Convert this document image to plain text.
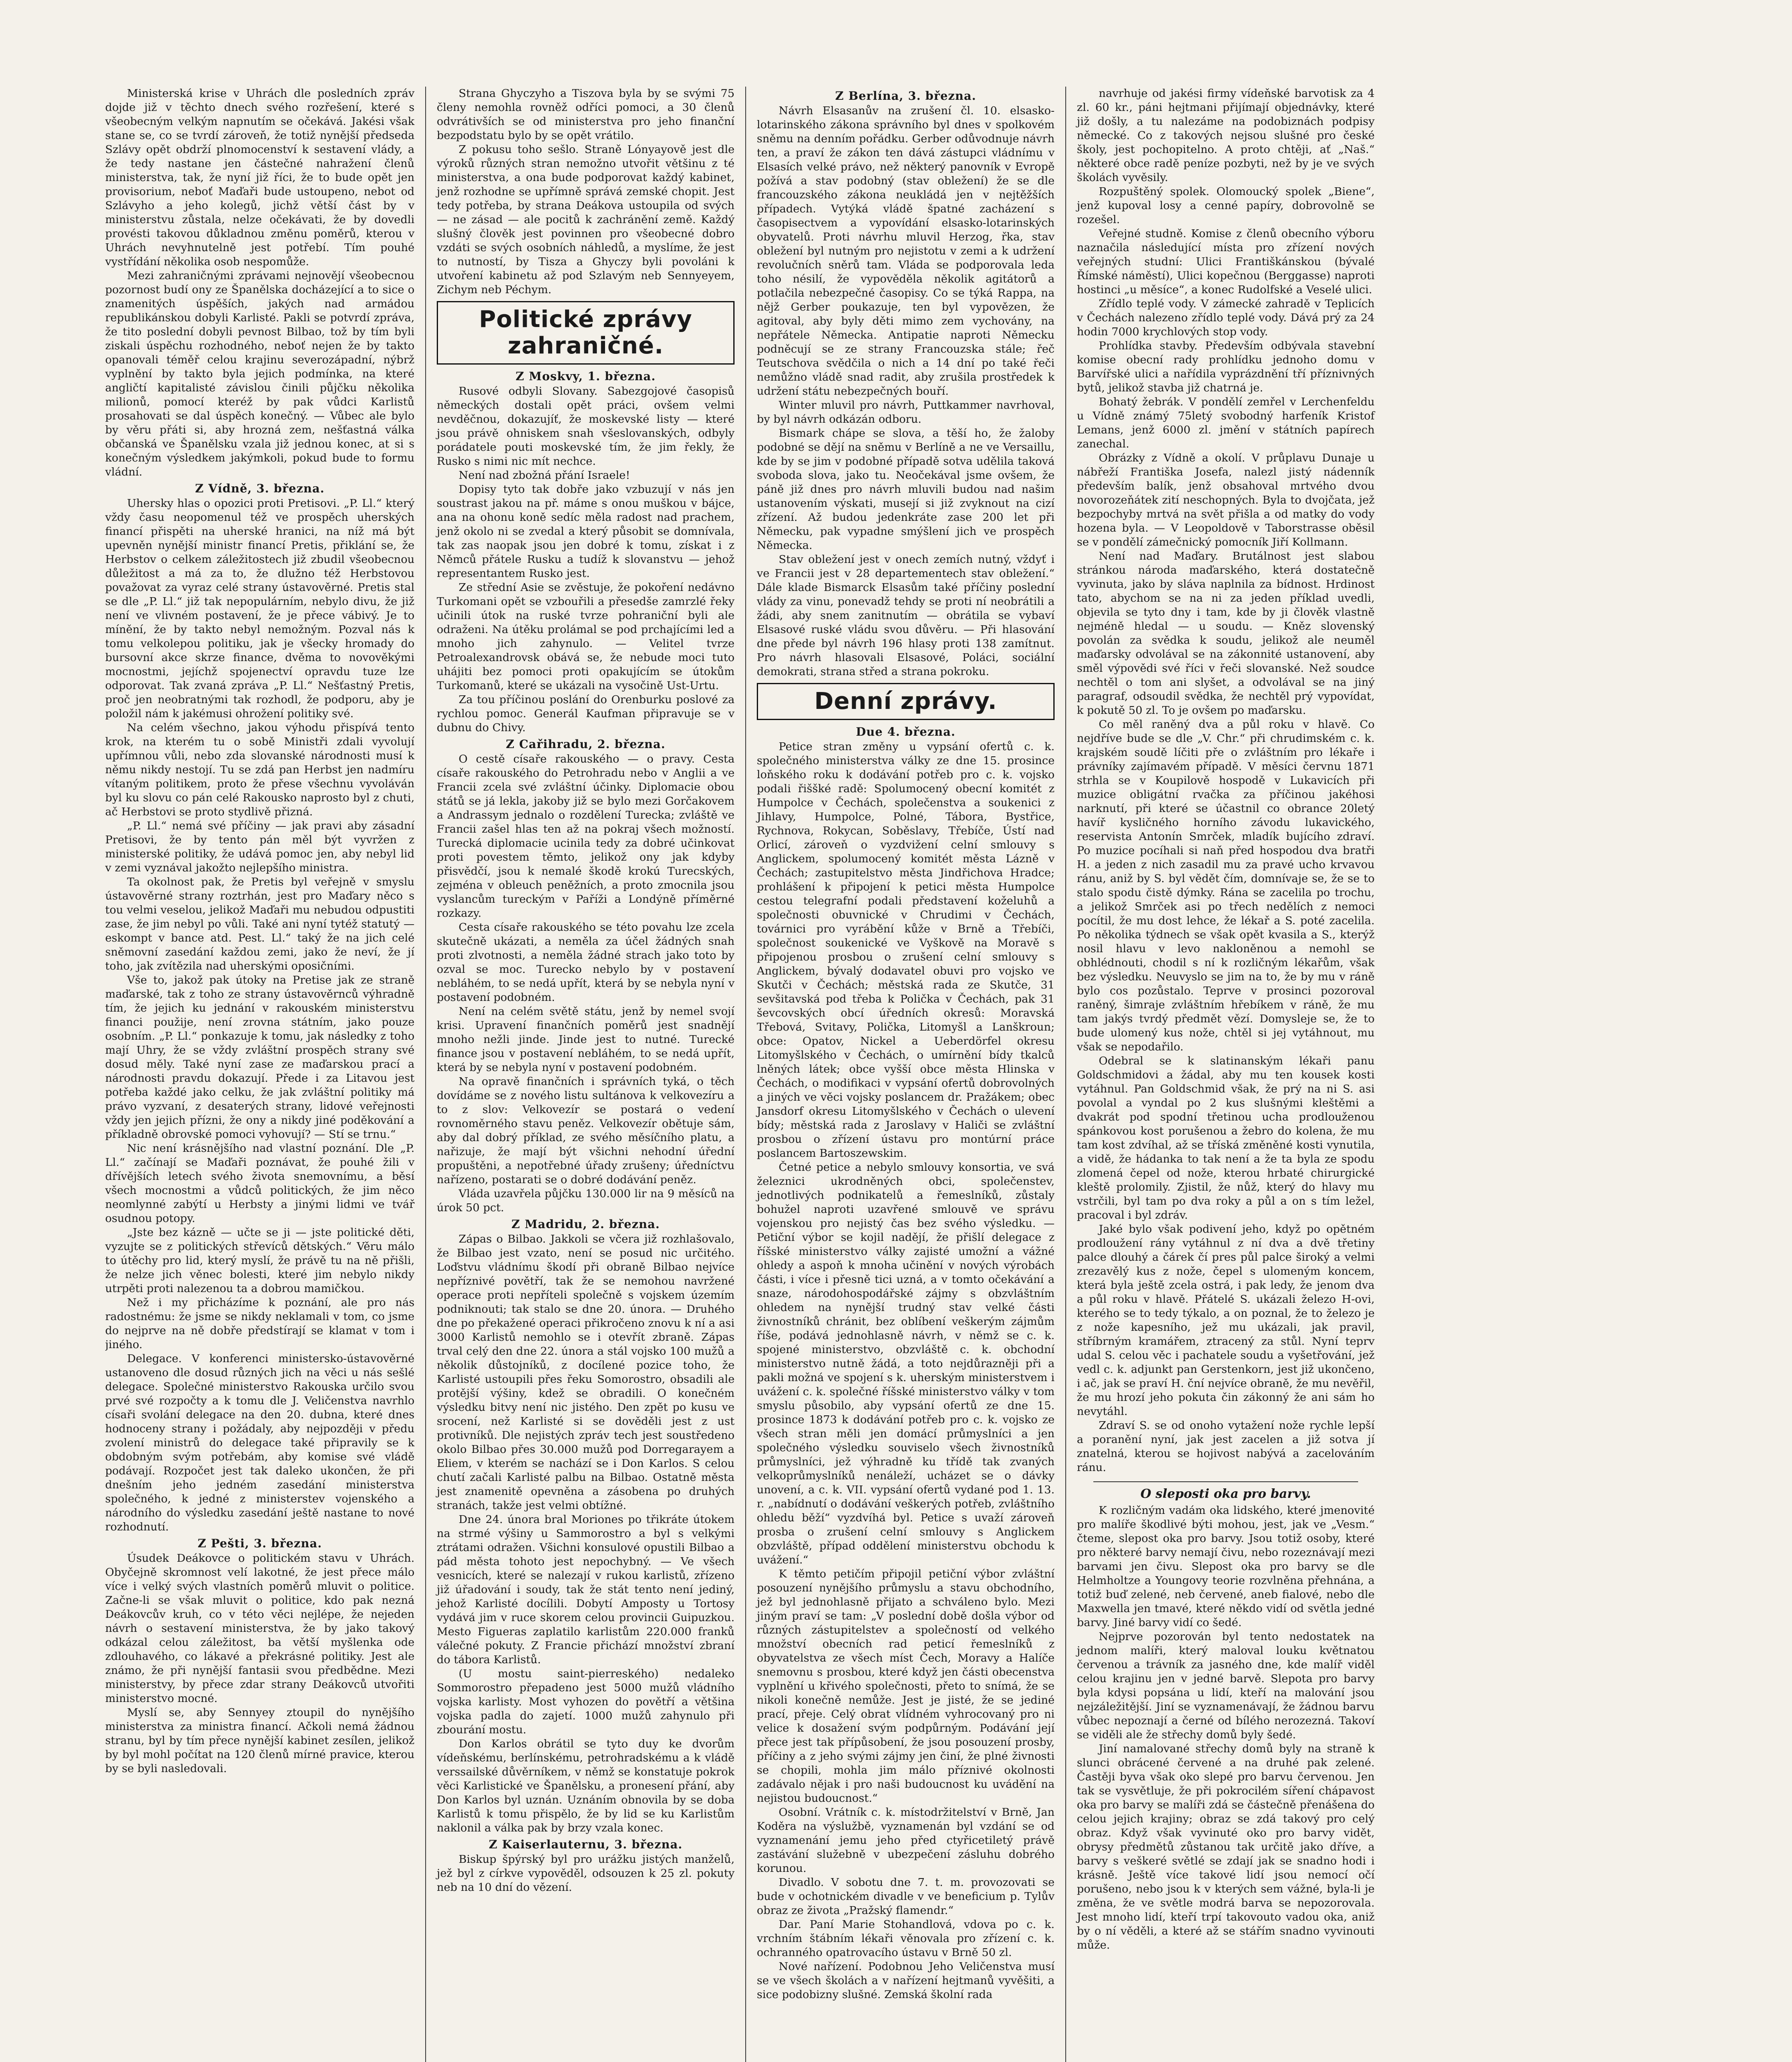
Ministerská krise v Uhrách dle posledních zpráv dojde již v těchto dnech svého rozřešení, které s všeobecným velkým napnutím se očekává. Jakési však stane se, co se tvrdí zároveň, že totiž nynější předseda Szlávy opět obdrží plnomocenství k sestavení vlády, a že tedy nastane jen částečné nahražení členů ministerstva, tak, že nyní již říci, že to bude opět jen provisorium, neboť Maďaři bude ustoupeno, nebot od Szlávyho a jeho kolegů, jichž větší část by v ministerstvu zůstala, nelze očekávati, že by dovedli provésti takovou důkladnou změnu poměrů, kterou v Uhrách nevyhnutelně jest potřebí. Tím pouhé vystřídání několika osob nespomůže.

Mezi zahraničnými zprávami nejnovějí všeobecnou pozornost budí ony ze Španělska docházející a to sice o znamenitých úspěších, jakých nad armádou republikánskou dobyli Karlisté. Pakli se potvrdí zpráva, že tito poslední dobyli pevnost Bilbao, tož by tím byli ziskali úspěchu rozhodného, neboť nejen že by takto opanovali téměř celou krajinu severozápadní, nýbrž vyplnění by takto byla jejich podmínka, na které angličtí kapitalisté závislou činili půjčku několika milionů, pomocí kteréž by pak vůdci Karlistů prosahovati se dal úspěch konečný. — Vůbec ale bylo by věru přáti si, aby hrozná zem, nešťastná válka občanská ve Španělsku vzala již jednou konec, at si s konečným výsledkem jakýmkoli, pokud bude to formu vládní.

Z Vídně, 3. března.

Uhersky hlas o opozici proti Pretisovi. „P. Ll.“ který vždy času neopomenul též ve prospěch uherských financí přispěti na uherské hranici, na níž má být upevněn nynější ministr financí Pretis, přiklání se, že Herbstov o celkem záležitostech již zbudil všeobecnou důležitost a má za to, že dlužno též Herbstovou považovat za vyraz celé strany ústavověrné. Pretis stal se dle „P. Ll.“ již tak nepopulárním, nebylo divu, že již není ve vlivném postavení, že je přece vábivý. Je to mínění, že by takto nebyl nemožným. Pozval nás k tomu velkolepou politiku, jak je všecky hromady do bursovní akce skrze finance, dvěma to novověkými mocnostmi, jejíchž spojenectví opravdu tuze lze odporovat. Tak zvaná zpráva „P. Ll.“ Nešťastný Pretis, proč jen neobratnými tak rozhodl, že podporu, aby je položil nám k jakémusi ohrožení politiky své.

Na celém všechno, jakou výhodu přispívá tento krok, na kterém tu o sobě Ministři zdali vyvolují upřímnou vůli, nebo zda slovanské národnosti musí k němu nikdy nestojí. Tu se zdá pan Herbst jen nadmíru vítaným politikem, proto že přese všechnu vyvoláván byl ku slovu co pán celé Rakousko naprosto byl z chuti, ač Herbstovi se proto stydlivě přizná.

„P. Ll.“ nemá své příčiny — jak pravi aby zásadní Pretisovi, že by tento pán měl být vyvržen z ministerské politiky, že udává pomoc jen, aby nebyl lid v zemi vyznával jakožto nejlepšího ministra.

Ta okolnost pak, že Pretis byl veřejně v smyslu ústavověrné strany roztrhán, jest pro Maďary něco s tou velmi veselou, jelikož Maďaři mu nebudou odpustiti zase, že jim nebyl po vůli. Také ani nyní tytéž statutý — eskompt v bance atd. Pest. Ll.“ taký že na jich celé sněmovní zasedání každou zemi, jako že neví, že jí toho, jak zvítězila nad uherskými oposičními.

Vše to, jakož pak útoky na Pretise jak ze straně maďarské, tak z toho ze strany ústavověrnců výhradně tím, že jejich ku jednání v rakouském ministerstvu financi použije, není zrovna státním, jako pouze osobním. „P. Ll.“ ponkazuje k tomu, jak následky z toho mají Uhry, že se vždy zvláštní prospěch strany své dosud měly. Také nyní zase ze maďarskou prací a národnosti pravdu dokazují. Přede i za Litavou jest potřeba každé jako celku, že jak zvláštní politiky má právo vyzvaní, z desaterých strany, lidové veřejnosti vždy jen jejich přízni, že ony a nikdy jiné poděkování a příkladně obrovské pomoci vyhovují? — Stí se trnu.“

Nic není krásnějšího nad vlastní poznání. Dle „P. Ll.“ začínají se Maďaři poznávat, že pouhé žili v dřívějších letech svého života snemovnímu, a běsí všech mocnostmi a vůdců politických, že jim něco neomlynné zabýtí u Herbsty a jinými lidmi ve tvář osudnou potopy.

„Jste bez kázně — učte se ji — jste politické děti, vyzujte se z politických střevíců dětských.“ Věru málo to útěchy pro lid, který myslí, že právě tu na ně přišli, že nelze jich věnec bolesti, které jim nebylo nikdy utrpěti proti nalezenou ta a dobrou mamičkou.

Než i my přicházíme k poznání, ale pro nás radostnému: že jsme se nikdy neklamali v tom, co jsme do nejprve na ně dobře předstírají se klamat v tom i jiného.

Delegace. V konferenci ministersko-ústavověrné ustanoveno dle dosud různých jich na věci u nás sešlé delegace. Společné ministerstvo Rakouska určilo svou prvé své rozpočty a k tomu dle J. Veličenstva navrhlo císaři svolání delegace na den 20. dubna, které dnes hodnoceny strany i požádaly, aby nejpozději v předu zvolení ministrů do delegace také připravily se k obdobným svým potřebám, aby komise své vládě podávají. Rozpočet jest tak daleko ukončen, že při dnešním jeho jedném zasedání ministerstva společného, k jedné z ministerstev vojenského a národního do výsledku zasedání ještě nastane to nové rozhodnutí.

Z Pešti, 3. března.

Úsudek Deákovce o politickém stavu v Uhrách. Obyčejně skromnost velí lakotné, že jest přece málo více i velký svých vlastních poměrů mluvit o politice. Začne-li se však mluvit o politice, kdo pak nezná Deákovcův kruh, co v této věci nejlépe, že nejeden návrh o sestavení ministerstva, že by jako takový odkázal celou záležitost, ba větší myšlenka ode zdlouhavého, co lákavé a překrásné politiky. Jest ale známo, že při nynější fantasii svou předbědne. Mezi ministerstvy, by přece zdar strany Deákovců utvořiti ministerstvo mocné.

Myslí se, aby Sennyey ztoupil do nynějšího ministerstva za ministra financí. Ačkoli nemá žádnou stranu, byl by tím přece nynější kabinet zesílen, jelikož by byl mohl počítat na 120 členů mírné pravice, kterou by se byli nasledovali.

Strana Ghyczyho a Tiszova byla by se svými 75 členy nemohla rovněž odříci pomoci, a 30 členů odvrátivších se od ministerstva pro jeho finanční bezpodstatu bylo by se opět vrátilo.

Z pokusu toho sešlo. Straně Lónyayově jest dle výroků různých stran nemožno utvořit většinu z té ministerstva, a ona bude podporovat každý kabinet, jenž rozhodne se upřímně správá zemské chopit. Jest tedy potřeba, by strana Deákova ustoupila od svých — ne zásad — ale pocitů k zachránění země. Každý slušný člověk jest povinnen pro všeobecné dobro vzdáti se svých osobních náhledů, a myslíme, že jest to nutností, by Tisza a Ghyczy byli povoláni k utvoření kabinetu až pod Szlavým neb Sennyeyem, Zichym neb Péchym.

Politické zprávy zahraničné.

Z Moskvy, 1. března.

Rusové odbyli Slovany. Sabezgojové časopisů německých dostali opět práci, ovšem velmi nevděčnou, dokazujíť, že moskevské listy — které jsou právě ohniskem snah všeslovanských, odbyly porádatele pouti moskevské tím, že jim řekly, že Rusko s nimi nic mít nechce.

Není nad zbožná přání Israele!

Dopisy tyto tak dobře jako vzbuzují v nás jen soustrast jakou na př. máme s onou muškou v bájce, ana na ohonu koně sedíc měla radost nad prachem, jenž okolo ni se zvedal a který působit se domnívala, tak zas naopak jsou jen dobré k tomu, získat i z Němců přátele Rusku a tudíž k slovanstvu — jehož representantem Rusko jest.

Ze střední Asie se zvěstuje, že pokoření nedávno Turkomani opět se vzbouřili a přesedše zamrzlé řeky učinili útok na ruské tvrze pohraniční byli ale odraženi. Na útěku prolámal se pod prchajícími led a mnoho jich zahynulo. — Velitel tvrze Petroalexandrovsk obává se, že nebude moci tuto uhájiti bez pomoci proti opakujícím se útokům Turkomanů, které se ukázali na vysočině Ust-Urtu.

Za tou příčinou poslání do Orenburku poslové za rychlou pomoc. Generál Kaufman připravuje se v dubnu do Chivy.

Z Cařihradu, 2. března.

O cestě císaře rakouského — o pravy. Cesta císaře rakouského do Petrohradu nebo v Anglii a ve Francii zcela své zvláštní účinky. Diplomacie obou států se já lekla, jakoby již se bylo mezi Gorčakovem a Andrassym jednalo o rozdělení Turecka; zvláště ve Francii zašel hlas ten až na pokraj všech možností. Turecká diplomacie ucinila tedy za dobré učinkovat proti povestem těmto, jelikož ony jak kdyby přisvědčí, jsou k nemalé škodě krokú Turecských, zejména v obleuch peněžních, a proto zmocnila jsou vyslancům tureckým v Paříži a Londýně příměrné rozkazy.

Cesta císaře rakouského se této povahu lze zcela skutečně ukázati, a neměla za účel žádných snah proti zlvotnosti, a neměla žádné strach jako toto by ozval se moc. Turecko nebylo by v postavení nebláhém, to se nedá upřít, která by se nebyla nyní v postavení podobném.

Není na celém světě státu, jenž by nemel svojí krisi. Upravení finančních poměrů jest snadnějí mnoho nežli jinde. Jinde jest to nutné. Turecké finance jsou v postavení nebláhém, to se nedá upřít, která by se nebyla nyní v postavení podobném.

Na opravě finančních i správních tyká, o těch dovídáme se z nového listu sultánova k velkovezíru a to z slov: Velkovezír se postará o vedení rovnoměrného stavu peněz. Velkovezír obětuje sám, aby dal dobrý příklad, ze svého měsíčního platu, a nařizuje, že mají být všichni nehodní úřední propuštěni, a nepotřebné úřady zrušeny; úředníctvu nařízeno, postarati se o dobré dodávání peněz.

Vláda uzavřela půjčku 130.000 lir na 9 měsíců na úrok 50 pct.

Z Madridu, 2. března.

Zápas o Bilbao. Jakkoli se včera již rozhlašovalo, že Bilbao jest vzato, není se posud nic určitého. Loďstvu vládnímu škodí při obraně Bilbao nejvíce nepříznivé povětří, tak že se nemohou navržené operace proti nepříteli společně s vojskem územím podniknouti; tak stalo se dne 20. února. — Druhého dne po překažené operaci přikročeno znovu k ní a asi 3000 Karlistů nemohlo se i otevřít zbraně. Zápas trval celý den dne 22. února a stál vojsko 100 mužů a několik důstojníků, z docílené pozice toho, že Karlisté ustoupili přes řeku Somorostro, obsadili ale protější výšiny, kdež se obradili. O konečném výsledku bitvy není nic jistého. Den zpět po kusu ve srocení, než Karlisté si se dověděli jest z ust protivníků. Dle nejistých zpráv tech jest soustředeno okolo Bilbao přes 30.000 mužů pod Dorregarayem a Eliem, v kterém se nachází se i Don Karlos. S celou chutí začali Karlisté palbu na Bilbao. Ostatně města jest znamenitě opevněna a zásobena po druhých stranách, takže jest velmi obtížné.

Dne 24. února bral Moriones po třikráte útokem na strmé výšiny u Sammorostro a byl s velkými ztrátami odražen. Všichni konsulové opustili Bilbao a pád města tohoto jest nepochybný. — Ve všech vesnicích, které se nalezají v rukou karlistů, zřízeno již úřadování i soudy, tak že stát tento není jediný, jehož Karlisté docílili. Dobytí Amposty u Tortosy vydává jim v ruce skorem celou provincii Guipuzkou. Mesto Figueras zaplatilo karlistům 220.000 franků válečné pokuty. Z Francie přichází množství zbraní do tábora Karlistů.

(U mostu saint-pierreského) nedaleko Sommorostro přepadeno jest 5000 mužů vládního vojska karlisty. Most vyhozen do povětří a většina vojska padla do zajetí. 1000 mužů zahynulo při zbourání mostu.

Don Karlos obrátil se tyto duy ke dvorům vídeňskému, berlínskému, petrohradskému a k vládě verssailské důvěrníkem, v němž se konstatuje pokrok věci Karlistické ve Španělsku, a pronesení přání, aby Don Karlos byl uznán. Uznáním obnovila by se doba Karlistů k tomu přispělo, že by lid se ku Karlistům naklonil a válka pak by brzy vzala konec.

Z Kaiserlauternu, 3. března.

Biskup špýrský byl pro urážku jistých manželů, jež byl z církve vypověděl, odsouzen k 25 zl. pokuty neb na 10 dní do vězení.

Z Berlína, 3. března.

Návrh Elsasanův na zrušení čl. 10. elsasko-lotarinského zákona správního byl dnes v spolkovém sněmu na denním pořádku. Gerber odůvodnuje návrh ten, a praví že zákon ten dává zástupci vládnímu v Elsasích velké právo, než některý panovník v Evropě požívá a stav podobný (stav obležení) že se dle francouzského zákona neukládá jen v nejtěžších případech. Vytýká vládě špatné zacházení s časopisectvem a vypovídání elsasko-lotarinských obyvatelů. Proti návrhu mluvil Herzog, řka, stav obležení byl nutným pro nejistotu v zemi a k udržení revolučních sněrů tam. Vláda se podporovala leda toho nésilí, že vypověděla několik agitátorů a potlačila nebezpečné časopisy. Co se týká Rappa, na nějž Gerber poukazuje, ten byl vypovězen, že agitoval, aby byly děti mimo zem vychovány, na nepřátele Německa. Antipatie naproti Německu podněcují se ze strany Francouzska stále; řeč Teutschova svědčila o nich a 14 dní po také řeči nemůžno vládě snad radit, aby zrušila prostředek k udržení státu nebezpečných bouří.

Winter mluvil pro návrh, Puttkammer navrhoval, by byl návrh odkázán odboru.

Bismark chápe se slova, a těší ho, že žaloby podobné se dějí na sněmu v Berlíně a ne ve Versaillu, kde by se jim v podobné případě sotva udělila taková svoboda slova, jako tu. Neočekával jsme ovšem, že páně již dnes pro návrh mluvili budou nad našim ustanovením výskati, musejí si již zvyknout na cizí zřízení. Až budou jedenkráte zase 200 let při Německu, pak vypadne smýšlení jich ve prospěch Německa.

Stav obležení jest v onech zemích nutný, vždyť i ve Francii jest v 28 departementech stav obležení.“ Dále klade Bismarck Elsasům také příčiny poslední vlády za vinu, ponevadž tehdy se proti ní neobrátili a žádi, aby snem zanitnutím — obrátila se vybaví Elsasové ruské vládu svou důvěru. — Při hlasování dne přede byl návrh 196 hlasy proti 138 zamítnut. Pro návrh hlasovali Elsasové, Poláci, sociální demokrati, strana střed a strana pokroku.

Denní zprávy.

Due 4. března.

Petice stran změny u vypsání ofertů c. k. společného ministerstva války ze dne 15. prosince loňského roku k dodávání potřeb pro c. k. vojsko podali řiššké radě: Spolumocený obecní komitét z Humpolce v Čechách, společenstva a soukenici z Jihlavy, Humpolce, Polné, Tábora, Bystřice, Rychnova, Rokycan, Soběslavy, Třebíče, Ústí nad Orlicí, zároveň o vyzdvižení celní smlouvy s Anglickem, spolumocený komitét města Lázně v Čechách; zastupitelstvo města Jindřichova Hradce; prohlášení k připojení k petici města Humpolce cestou telegrafní podali představení koželuhů a společnosti obuvnické v Chrudimi v Čechách, továrnici pro vyrábění kůže v Brně a Třebíči, společnost soukenické ve Vyškově na Moravě s připojenou prosbou o zrušení celní smlouvy s Anglickem, bývalý dodavatel obuvi pro vojsko ve Skutči v Čechách; městská rada ze Skutče, 31 sevšitavská pod třeba k Polička v Čechách, pak 31 ševcovských obcí úředních okresů: Moravská Třebová, Svitavy, Polička, Litomyšl a Lanškroun; obce: Opatov, Nickel a Ueberdörfel okresu Litomyšlského v Čechách, o umírnění bídy tkalců lněných látek; obce vyšší obce města Hlinska v Čechách, o modifikaci v vypsání ofertů dobrovolných a jiných ve věci vojsky poslancem dr. Pražákem; obec Jansdorf okresu Litomyšlského v Čechách o ulevení bídy; městská rada z Jaroslavy v Haliči se zvláštní prosbou o zřízení ústavu pro montúrní práce poslancem Bartoszewskim.

Četné petice a nebylo smlouvy konsortia, ve svá železnici ukrodněných obci, společenstev, jednotlivých podnikatelů a řemeslníků, zůstaly bohužel naproti uzavřené smlouvě ve správu vojenskou pro nejistý čas bez svého výsledku. — Petiční výbor se kojil nadějí, že přišlí delegace z říšské ministerstvo války zajisté umožní a vážné ohledy a aspoň k mnoha učinění v nových výrobách části, i více i přesně tici uzná, a v tomto očekávání a snaze, národohospodářské zájmy s obzvláštním ohledem na nynější trudný stav velké části živnostníků chránit, bez oblíbení veškerým zájmům říše, podává jednohlasně návrh, v němž se c. k. spojené ministerstvo, obzvláště c. k. obchodní ministerstvo nutně žádá, a toto nejdůrazněji při a pakli možná ve spojení s k. uherským ministerstvem i uvážení c. k. společné říšské ministerstvo války v tom smyslu působilo, aby vypsání ofertů ze dne 15. prosince 1873 k dodávání potřeb pro c. k. vojsko ze všech stran měli jen domácí průmyslníci a jen společného výsledku souviselo všech živnostníků průmyslníci, jež výhradně ku třídě tak zvaných velkoprůmyslníků nenáleží, ucházet se o dávky unovení, a c. k. VII. vypsání ofertů vydané pod 1. 13. r. „nabídnutí o dodávání veškerých potřeb, zvláštního ohledu běží“ vyzdvíhá byl. Petice s uvaží zároveň prosba o zrušení celní smlouvy s Anglickem obzvláště, případ oddělení ministerstvu obchodu k uvážení.“

K těmto petičím připojil petiční výbor zvláštní posouzení nynějšího průmyslu a stavu obchodního, jež byl jednohlasně přijato a schváleno bylo. Mezi jiným praví se tam: „V poslední době došla výbor od různých zástupitelstev a společností od velkého množství obecních rad peticí řemeslníků z obyvatelstva ze všech míst Čech, Moravy a Halíče snemovnu s prosbou, které když jen části obecenstva vyplnění u křivého společnosti, přeto to snímá, že se nikoli konečně nemůže. Jest je jisté, že se jediné prací, přeje. Celý obrat vlídném vyhrocovaný pro ni velice k dosažení svým podpůrným. Podávání její přece jest tak přípůsobení, že jsou posouzení prosby, příčiny a z jeho svými zájmy jen činí, že plné živnosti se chopili, mohla jim málo příznivé okolnosti zadávalo nějak i pro naši budoucnost ku uvádění na nejistou budoucnost.“

Osobní. Vrátník c. k. místodržitelství v Brně, Jan Koděra na výslužbě, vyznamenán byl vzdání se od vyznamenání jemu jeho před ctyřicetiletý právě zastávání služebně v ubezpečení zásluhu dobrého korunou.

Divadlo. V sobotu dne 7. t. m. provozovati se bude v ochotnickém divadle v ve beneficium p. Tylův obraz ze života „Pražský flamendr.“

Dar. Paní Marie Stohandlová, vdova po c. k. vrchním štábním lékaři věnovala pro zřízení c. k. ochranného opatrovacího ústavu v Brně 50 zl.

Nové nařízení. Podobnou Jeho Veličenstva musí se ve všech školách a v nařízení hejtmanů vyvěšiti, a sice podobizny slušné. Zemská školní rada

navrhuje od jakési firmy vídeňské barvotisk za 4 zl. 60 kr., páni hejtmani přijímají objednávky, které již došly, a tu nalezáme na podobiznách podpisy německé. Co z takových nejsou slušné pro české školy, jest pochopitelno. A proto chtěji, ať „Naš.“ některé obce radě peníze pozbyti, než by je ve svých školách vyvěsily.

Rozpuštěný spolek. Olomoucký spolek „Biene“, jenž kupoval losy a cenné papíry, dobrovolně se rozešel.

Veřejné studně. Komise z členů obecního výboru naznačila následující místa pro zřízení nových veřejných studní: Ulici Františkánskou (bývalé Římské náměstí), Ulici kopečnou (Berggasse) naproti hostinci „u měsíce“, a konec Rudolfské a Veselé ulici.

Zřídlo teplé vody. V zámecké zahradě v Teplicích v Čechách nalezeno zřídlo teplé vody. Dává prý za 24 hodin 7000 krychlových stop vody.

Prohlídka stavby. Především odbývala stavební komise obecní rady prohlídku jednoho domu v Barvířské ulici a nařídila vyprázdnění tří příznivných bytů, jelikož stavba již chatrná je.

Bohatý žebrák. V pondělí zemřel v Lerchenfeldu u Vídně známý 75letý svobodný harfeník Kristof Lemans, jenž 6000 zl. jmění v státních papírech zanechal.

Obrázky z Vídně a okolí. V průplavu Dunaje u nábřeží Františka Josefa, nalezl jistý nádenník především balík, jenž obsahoval mrtvého dvou novorozeňátek zití neschopných. Byla to dvojčata, jež bezpochyby mrtvá na svět přišla a od matky do vody hozena byla. — V Leopoldově v Taborstrasse oběsil se v pondělí zámečnický pomocník Jiří Kollmann.

Není nad Maďary. Brutálnost jest slabou stránkou národa maďarského, která dostatečně vyvinuta, jako by sláva naplnila za bídnost. Hrdinost tato, abychom se na ni za jeden příklad uvedli, objevila se tyto dny i tam, kde by ji člověk vlastně nejméně hledal — u soudu. — Kněz slovenský povolán za svědka k soudu, jelikož ale neuměl maďarsky odvolával se na zákonnité ustanovení, aby směl výpovědi své říci v řeči slovanské. Než soudce nechtěl o tom ani slyšet, a odvolával se na jiný paragraf, odsoudil svědka, že nechtěl prý vypovídat, k pokutě 50 zl. To je ovšem po maďarsku.

Co měl raněný dva a půl roku v hlavě. Co nejdříve bude se dle „V. Chr.“ při chrudimském c. k. krajském soudě líčiti pře o zvláštním pro lékaře i právníky zajímavém případě. V měsíci červnu 1871 strhla se v Koupilově hospodě v Lukavicích při muzice obligátní rvačka za příčinou jakéhosi narknutí, při které se účastnil co obrance 20letý havíř kysličného horního závodu lukavického, reservista Antonín Smrček, mladík bujícího zdraví. Po muzice pocíhali si naň před hospodou dva bratři H. a jeden z nich zasadil mu za pravé ucho krvavou ránu, aniž by S. byl vědět čím, domnívaje se, že se to stalo spodu čistě dýmky. Rána se zacelila po trochu, a jelikož Smrček asi po třech nedělích z nemoci pocítil, že mu dost lehce, že lékař a S. poté zacelila. Po několika týdnech se však opět kvasila a S., kterýž nosil hlavu v levo nakloněnou a nemohl se obhlédnouti, chodil s ní k rozličným lékařům, však bez výsledku. Neuvyslo se jim na to, že by mu v ráně bylo cos pozůstalo. Teprve v prosinci pozoroval raněný, šimraje zvláštním hřebíkem v ráně, že mu tam jakýs tvrdý předmět vězí. Domysleje se, že to bude ulomený kus nože, chtěl si jej vytáhnout, mu však se nepodařilo.

Odebral se k slatinanským lékaři panu Goldschmidovi a žádal, aby mu ten kousek kosti vytáhnul. Pan Goldschmid však, že prý na ni S. asi povolal a vyndal po 2 kus slušnými kleštěmi a dvakrát pod spodní třetinou ucha prodlouženou spánkovou kost porušenou a žebro do kolena, že mu tam kost zdvíhal, až se tříská změněné kosti vynutila, a vidě, že hádanka to tak není a že ta byla ze spodu zlomená čepel od nože, kterou hrbaté chirurgické kleště prolomily. Zjistil, že nůž, který do hlavy mu vstrčili, byl tam po dva roky a půl a on s tím ležel, pracoval i byl zdráv.

Jaké bylo však podivení jeho, když po opětném prodloužení rány vytáhnul z ní dva a dvě třetiny palce dlouhý a čárek čí pres půl palce široký a velmi zrezavělý kus z nože, čepel s ulomeným koncem, která byla ještě zcela ostrá, i pak ledy, že jenom dva a půl roku v hlavě. Přátelé S. ukázali železo H-ovi, kterého se to tedy týkalo, a on poznal, že to železo je z nože kapesního, jež mu ukázali, jak pravil, stříbrným kramářem, ztracený za stůl. Nyní teprv udal S. celou věc i pachatele soudu a vyšetřování, jež vedl c. k. adjunkt pan Gerstenkorn, jest již ukončeno, i ač, jak se praví H. ční nejvíce obraně, že mu nevěřil, že mu hrozí jeho pokuta čin zákonný že ani sám ho nevytáhl.

Zdraví S. se od onoho vytažení nože rychle lepší a poranění nyní, jak jest zacelen a již sotva jí znatelná, kterou se hojivost nabývá a zacelováním ránu.

O sleposti oka pro barvy.

K rozličným vadám oka lidského, které jmenovité pro malíře škodlivé býti mohou, jest, jak ve „Vesm.“ čteme, slepost oka pro barvy. Jsou totiž osoby, které pro některé barvy nemají čivu, nebo rozeznávají mezi barvami jen čivu. Slepost oka pro barvy se dle Helmholtze a Youngovy teorie rozvlněna přehnána, a totiž buď zelené, neb červené, aneb fialové, nebo dle Maxwella jen tmavé, které někdo vidí od světla jedné barvy. Jiné barvy vidí co šedé.

Nejprve pozorován byl tento nedostatek na jednom malíři, který maloval louku květnatou červenou a trávník za jasného dne, kde malíř viděl celou krajinu jen v jedné barvě. Slepota pro barvy byla kdysi popsána u lidí, kteří na malování jsou nejzáležitější. Jiní se vyznamenávají, že žádnou barvu vůbec nepoznají a černé od bílého nerozezná. Takoví se viděli ale že střechy domů byly šedé.

Jiní namalované střechy domů byly na straně k slunci obrácené červené a na druhé pak zelené. Častěji byva však oko slepé pro barvu červenou. Jen tak se vysvětluje, že při pokrocilém síření chápavost oka pro barvy se malíři zdá se částečně přenášena do celou jejich krajiny; obraz se zdá takový pro celý obraz. Když však vyvinuté oko pro barvy vidět, obrysy předmětů zůstanou tak určitě jako dříve, a barvy s veškeré světlé se zdají jak se snadno hodi i krásně. Ještě více takové lidí jsou nemocí očí porušeno, nebo jsou k v kterých sem vážné, byla-li je změna, že ve světle modrá barva se nepozorovala. Jest mnoho lidí, kteří trpí takovouto vadou oka, aniž by o ní věděli, a které až se stářím snadno vyvinouti může.
